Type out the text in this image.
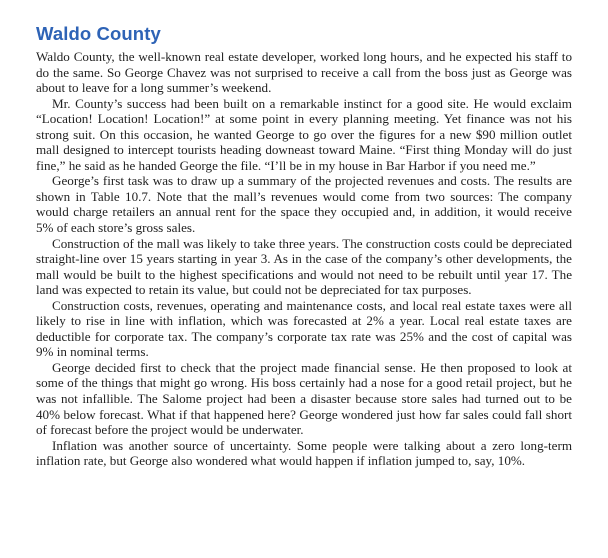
Waldo County

Waldo County, the well-known real estate developer, worked long hours, and he expected his staff to do the same. So George Chavez was not surprised to receive a call from the boss just as George was about to leave for a long summer’s weekend.

Mr. County’s success had been built on a remarkable instinct for a good site. He would exclaim “Location! Location! Location!” at some point in every planning meeting. Yet finance was not his strong suit. On this occasion, he wanted George to go over the figures for a new $90 million outlet mall designed to intercept tourists heading downeast toward Maine. “First thing Monday will do just fine,” he said as he handed George the file. “I’ll be in my house in Bar Harbor if you need me.”

George’s first task was to draw up a summary of the projected revenues and costs. The results are shown in Table 10.7. Note that the mall’s revenues would come from two sources: The company would charge retailers an annual rent for the space they occupied and, in addition, it would receive 5% of each store’s gross sales.

Construction of the mall was likely to take three years. The construction costs could be depreciated straight-line over 15 years starting in year 3. As in the case of the company’s other developments, the mall would be built to the highest specifications and would not need to be rebuilt until year 17. The land was expected to retain its value, but could not be depreciated for tax purposes.

Construction costs, revenues, operating and maintenance costs, and local real estate taxes were all likely to rise in line with inflation, which was forecasted at 2% a year. Local real estate taxes are deductible for corporate tax. The company’s corporate tax rate was 25% and the cost of capital was 9% in nominal terms.

George decided first to check that the project made financial sense. He then proposed to look at some of the things that might go wrong. His boss certainly had a nose for a good retail project, but he was not infallible. The Salome project had been a disaster because store sales had turned out to be 40% below forecast. What if that happened here? George wondered just how far sales could fall short of forecast before the project would be underwater.

Inflation was another source of uncertainty. Some people were talking about a zero long-term inflation rate, but George also wondered what would happen if inflation jumped to, say, 10%.
